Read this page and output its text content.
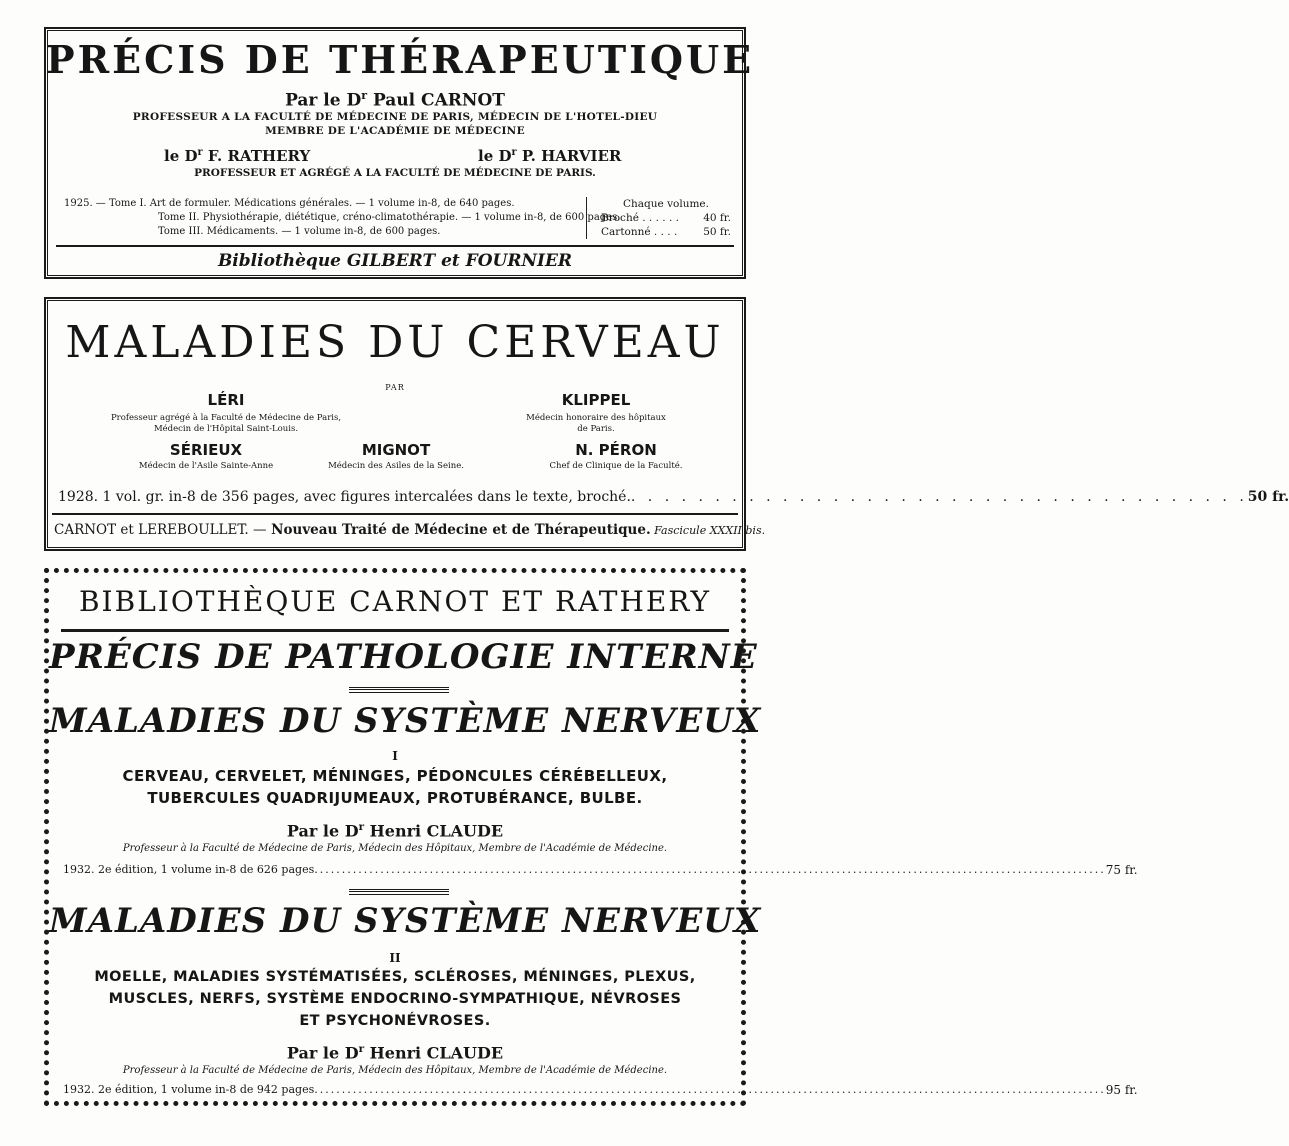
PRÉCIS DE THÉRAPEUTIQUE
Par le $D^r$ Paul CARNOT
PROFESSEUR A LA FACULTÉ DE MÉDECINE DE PARIS, MÉDECIN DE L'HOTEL-DIEU
MEMBRE DE L'ACADÉMIE DE MÉDECINE
le $D^r$ F. RATHERY	le $D^r$ P. HARVIER
PROFESSEUR ET AGRÉGÉ A LA FACULTÉ DE MÉDECINE DE PARIS.
1925. — Tome I. Art de formuler. Médications générales. — 1 volume in-8, de 640 pages.
Tome II. Physiothérapie, diététique, créno-climatothérapie. — 1 volume in-8, de 600 pages.
Tome III. Médicaments. — 1 volume in-8, de 600 pages.
Chaque volume.
Broché . . . . . . 40 fr.
Cartonné . . . . 50 fr.
Bibliothèque GILBERT et FOURNIER
MALADIES DU CERVEAU
PAR
LÉRI
Professeur agrégé à la Faculté de Médecine de Paris,
Médecin de l'Hôpital Saint-Louis.
KLIPPEL
Médecin honoraire des hôpitaux
de Paris.
SÉRIEUX
Médecin de l'Asile Sainte-Anne
MIGNOT
Médecin des Asiles de la Seine.
N. PÉRON
Chef de Clinique de la Faculté.
1928. 1 vol. gr. in-8 de 356 pages, avec figures intercalées dans le texte, broché. . . . . . . . . . . . . . . . . . . . . . . . . . . . . . . . . . . . . . 50 fr.
CARNOT et LEREBOULLET. — Nouveau Traité de Médecine et de Thérapeutique. Fascicule XXXII bis.
BIBLIOTHÈQUE CARNOT ET RATHERY
PRÉCIS DE PATHOLOGIE INTERNE
MALADIES DU SYSTÈME NERVEUX
I
CERVEAU, CERVELET, MÉNINGES, PÉDONCULES CÉRÉBELLEUX,
TUBERCULES QUADRIJUMEAUX, PROTUBÉRANCE, BULBE.
Par le $D^r$ Henri CLAUDE
Professeur à la Faculté de Médecine de Paris, Médecin des Hôpitaux, Membre de l'Académie de Médecine.
1932. 2e édition, 1 volume in-8 de 626 pages ................................................................................................................................................ 75 fr.
MALADIES DU SYSTÈME NERVEUX
II
MOELLE, MALADIES SYSTÉMATISÉES, SCLÉROSES, MÉNINGES, PLEXUS,
MUSCLES, NERFS, SYSTÈME ENDOCRINO-SYMPATHIQUE, NÉVROSES
ET PSYCHONÉVROSES.
Par le $D^r$ Henri CLAUDE
Professeur à la Faculté de Médecine de Paris, Médecin des Hôpitaux, Membre de l'Académie de Médecine.
1932. 2e édition, 1 volume in-8 de 942 pages ................................................................................................................................................ 95 fr.
